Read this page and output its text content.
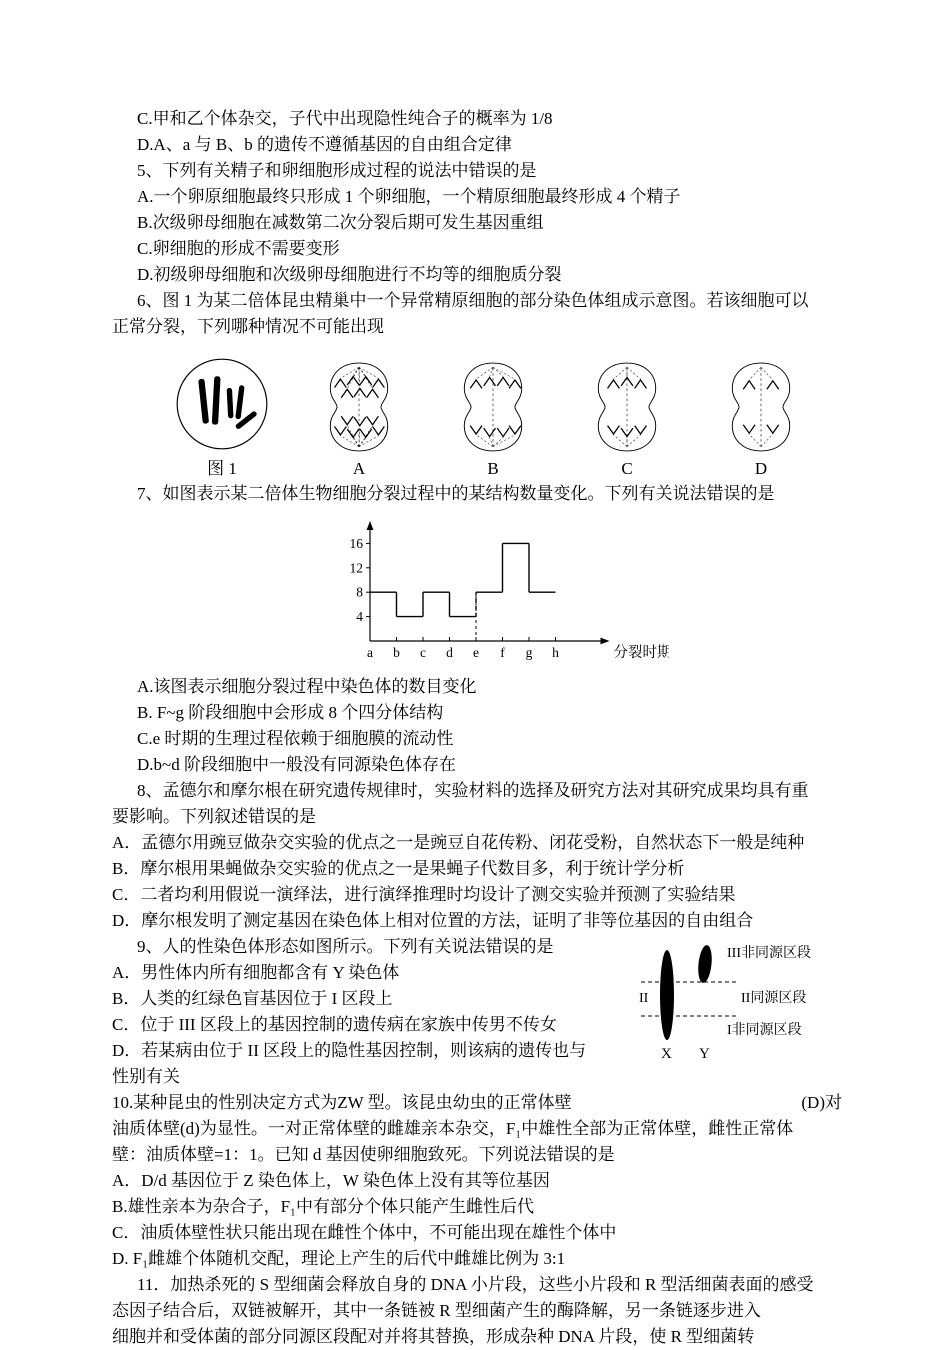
C.甲和乙个体杂交，子代中出现隐性纯合子的概率为 1/8

D.A、a 与 B、b 的遗传不遵循基因的自由组合定律

5、下列有关精子和卵细胞形成过程的说法中错误的是

A.一个卵原细胞最终只形成 1 个卵细胞，一个精原细胞最终形成 4 个精子

B.次级卵母细胞在减数第二次分裂后期可发生基因重组

C.卵细胞的形成不需要变形

D.初级卵母细胞和次级卵母细胞进行不均等的细胞质分裂

6、图 1 为某二倍体昆虫精巢中一个异常精原细胞的部分染色体组成示意图。若该细胞可以

正常分裂，下列哪种情况不可能出现

图 1	A	B	C	D

7、如图表示某二倍体生物细胞分裂过程中的某结构数量变化。下列有关说法错误的是

4
8
12
16
a b c d e f g h	分裂时期

A.该图表示细胞分裂过程中染色体的数目变化

B. F~g 阶段细胞中会形成 8 个四分体结构

C.e 时期的生理过程依赖于细胞膜的流动性

D.b~d 阶段细胞中一般没有同源染色体存在

8、孟德尔和摩尔根在研究遗传规律时，实验材料的选择及研究方法对其研究成果均具有重

要影响。下列叙述错误的是

A．孟德尔用豌豆做杂交实验的优点之一是豌豆自花传粉、闭花受粉，自然状态下一般是纯种

B．摩尔根用果蝇做杂交实验的优点之一是果蝇子代数目多，利于统计学分析

C．二者均利用假说一演绎法，进行演绎推理时均设计了测交实验并预测了实验结果

D．摩尔根发明了测定基因在染色体上相对位置的方法，证明了非等位基因的自由组合

II
III非同源区段
II同源区段
I非同源区段
X Y

9、人的性染色体形态如图所示。下列有关说法错误的是

A．男性体内所有细胞都含有 Y 染色体

B．人类的红绿色盲基因位于 I 区段上

C．位于 III 区段上的基因控制的遗传病在家族中传男不传女

D．若某病由位于 II 区段上的隐性基因控制，则该病的遗传也与

性别有关

10.某种昆虫的性别决定方式为ZW 型。该昆虫幼虫的正常体壁	(D)对

油质体壁(d)为显性。一对正常体壁的雌雄亲本杂交，F₁中雄性全部为正常体壁，雌性正常体

壁：油质体壁=1：1。已知 d 基因使卵细胞致死。下列说法错误的是

A．D/d 基因位于 Z 染色体上，W 染色体上没有其等位基因

B.雄性亲本为杂合子，F₁中有部分个体只能产生雌性后代

C．油质体壁性状只能出现在雌性个体中，不可能出现在雄性个体中

D. F₁雌雄个体随机交配，理论上产生的后代中雌雄比例为 3:1

11．加热杀死的 S 型细菌会释放自身的 DNA 小片段，这些小片段和 R 型活细菌表面的感受

态因子结合后，双链被解开，其中一条链被 R 型细菌产生的酶降解，另一条链逐步进入

细胞并和受体菌的部分同源区段配对并将其替换，形成杂种 DNA 片段，使 R 型细菌转
